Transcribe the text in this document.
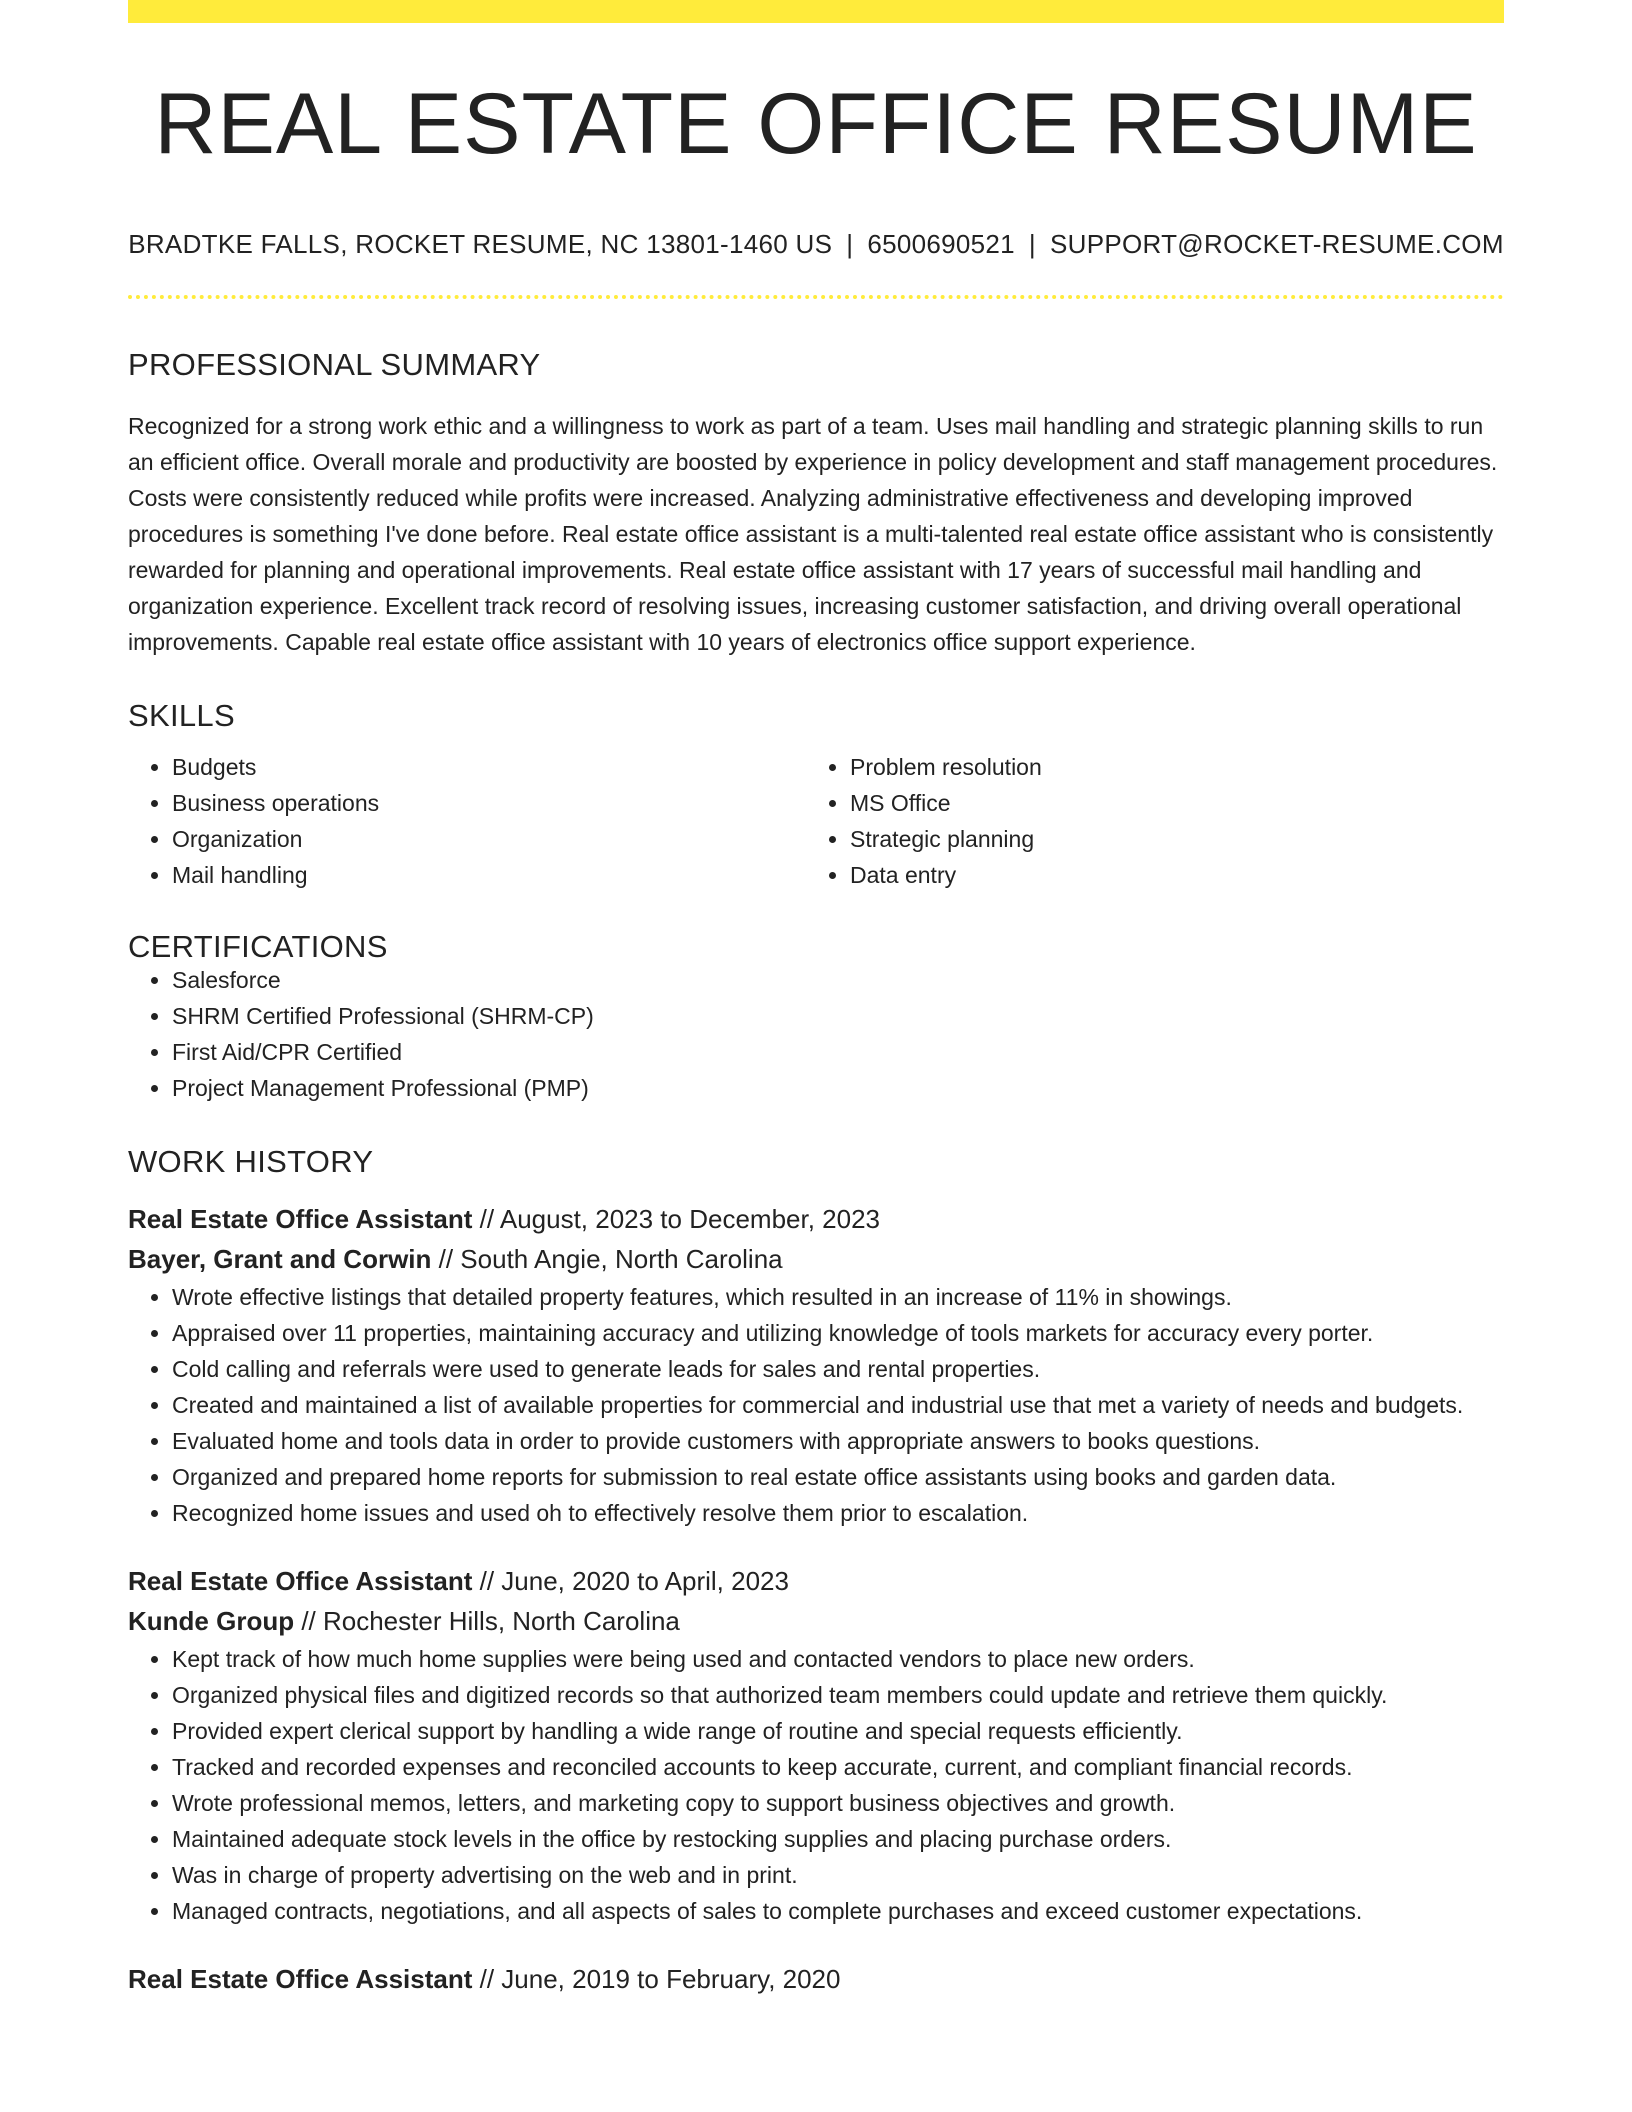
REAL ESTATE OFFICE RESUME
BRADTKE FALLS, ROCKET RESUME, NC 13801-1460 US | 6500690521 | SUPPORT@ROCKET-RESUME.COM
PROFESSIONAL SUMMARY

Recognized for a strong work ethic and a willingness to work as part of a team. Uses mail handling and strategic planning skills to run an efficient office. Overall morale and productivity are boosted by experience in policy development and staff management procedures. Costs were consistently reduced while profits were increased. Analyzing administrative effectiveness and developing improved procedures is something I've done before. Real estate office assistant is a multi-talented real estate office assistant who is consistently rewarded for planning and operational improvements. Real estate office assistant with 17 years of successful mail handling and organization experience. Excellent track record of resolving issues, increasing customer satisfaction, and driving overall operational improvements. Capable real estate office assistant with 10 years of electronics office support experience.

SKILLS
• Budgets
• Business operations
• Organization
• Mail handling
• Problem resolution
• MS Office
• Strategic planning
• Data entry
CERTIFICATIONS
• Salesforce
• SHRM Certified Professional (SHRM-CP)
• First Aid/CPR Certified
• Project Management Professional (PMP)
WORK HISTORY
Real Estate Office Assistant // August, 2023 to December, 2023
Bayer, Grant and Corwin // South Angie, North Carolina
• Wrote effective listings that detailed property features, which resulted in an increase of 11% in showings.
• Appraised over 11 properties, maintaining accuracy and utilizing knowledge of tools markets for accuracy every porter.
• Cold calling and referrals were used to generate leads for sales and rental properties.
• Created and maintained a list of available properties for commercial and industrial use that met a variety of needs and budgets.
• Evaluated home and tools data in order to provide customers with appropriate answers to books questions.
• Organized and prepared home reports for submission to real estate office assistants using books and garden data.
• Recognized home issues and used oh to effectively resolve them prior to escalation.
Real Estate Office Assistant // June, 2020 to April, 2023
Kunde Group // Rochester Hills, North Carolina
• Kept track of how much home supplies were being used and contacted vendors to place new orders.
• Organized physical files and digitized records so that authorized team members could update and retrieve them quickly.
• Provided expert clerical support by handling a wide range of routine and special requests efficiently.
• Tracked and recorded expenses and reconciled accounts to keep accurate, current, and compliant financial records.
• Wrote professional memos, letters, and marketing copy to support business objectives and growth.
• Maintained adequate stock levels in the office by restocking supplies and placing purchase orders.
• Was in charge of property advertising on the web and in print.
• Managed contracts, negotiations, and all aspects of sales to complete purchases and exceed customer expectations.
Real Estate Office Assistant // June, 2019 to February, 2020
